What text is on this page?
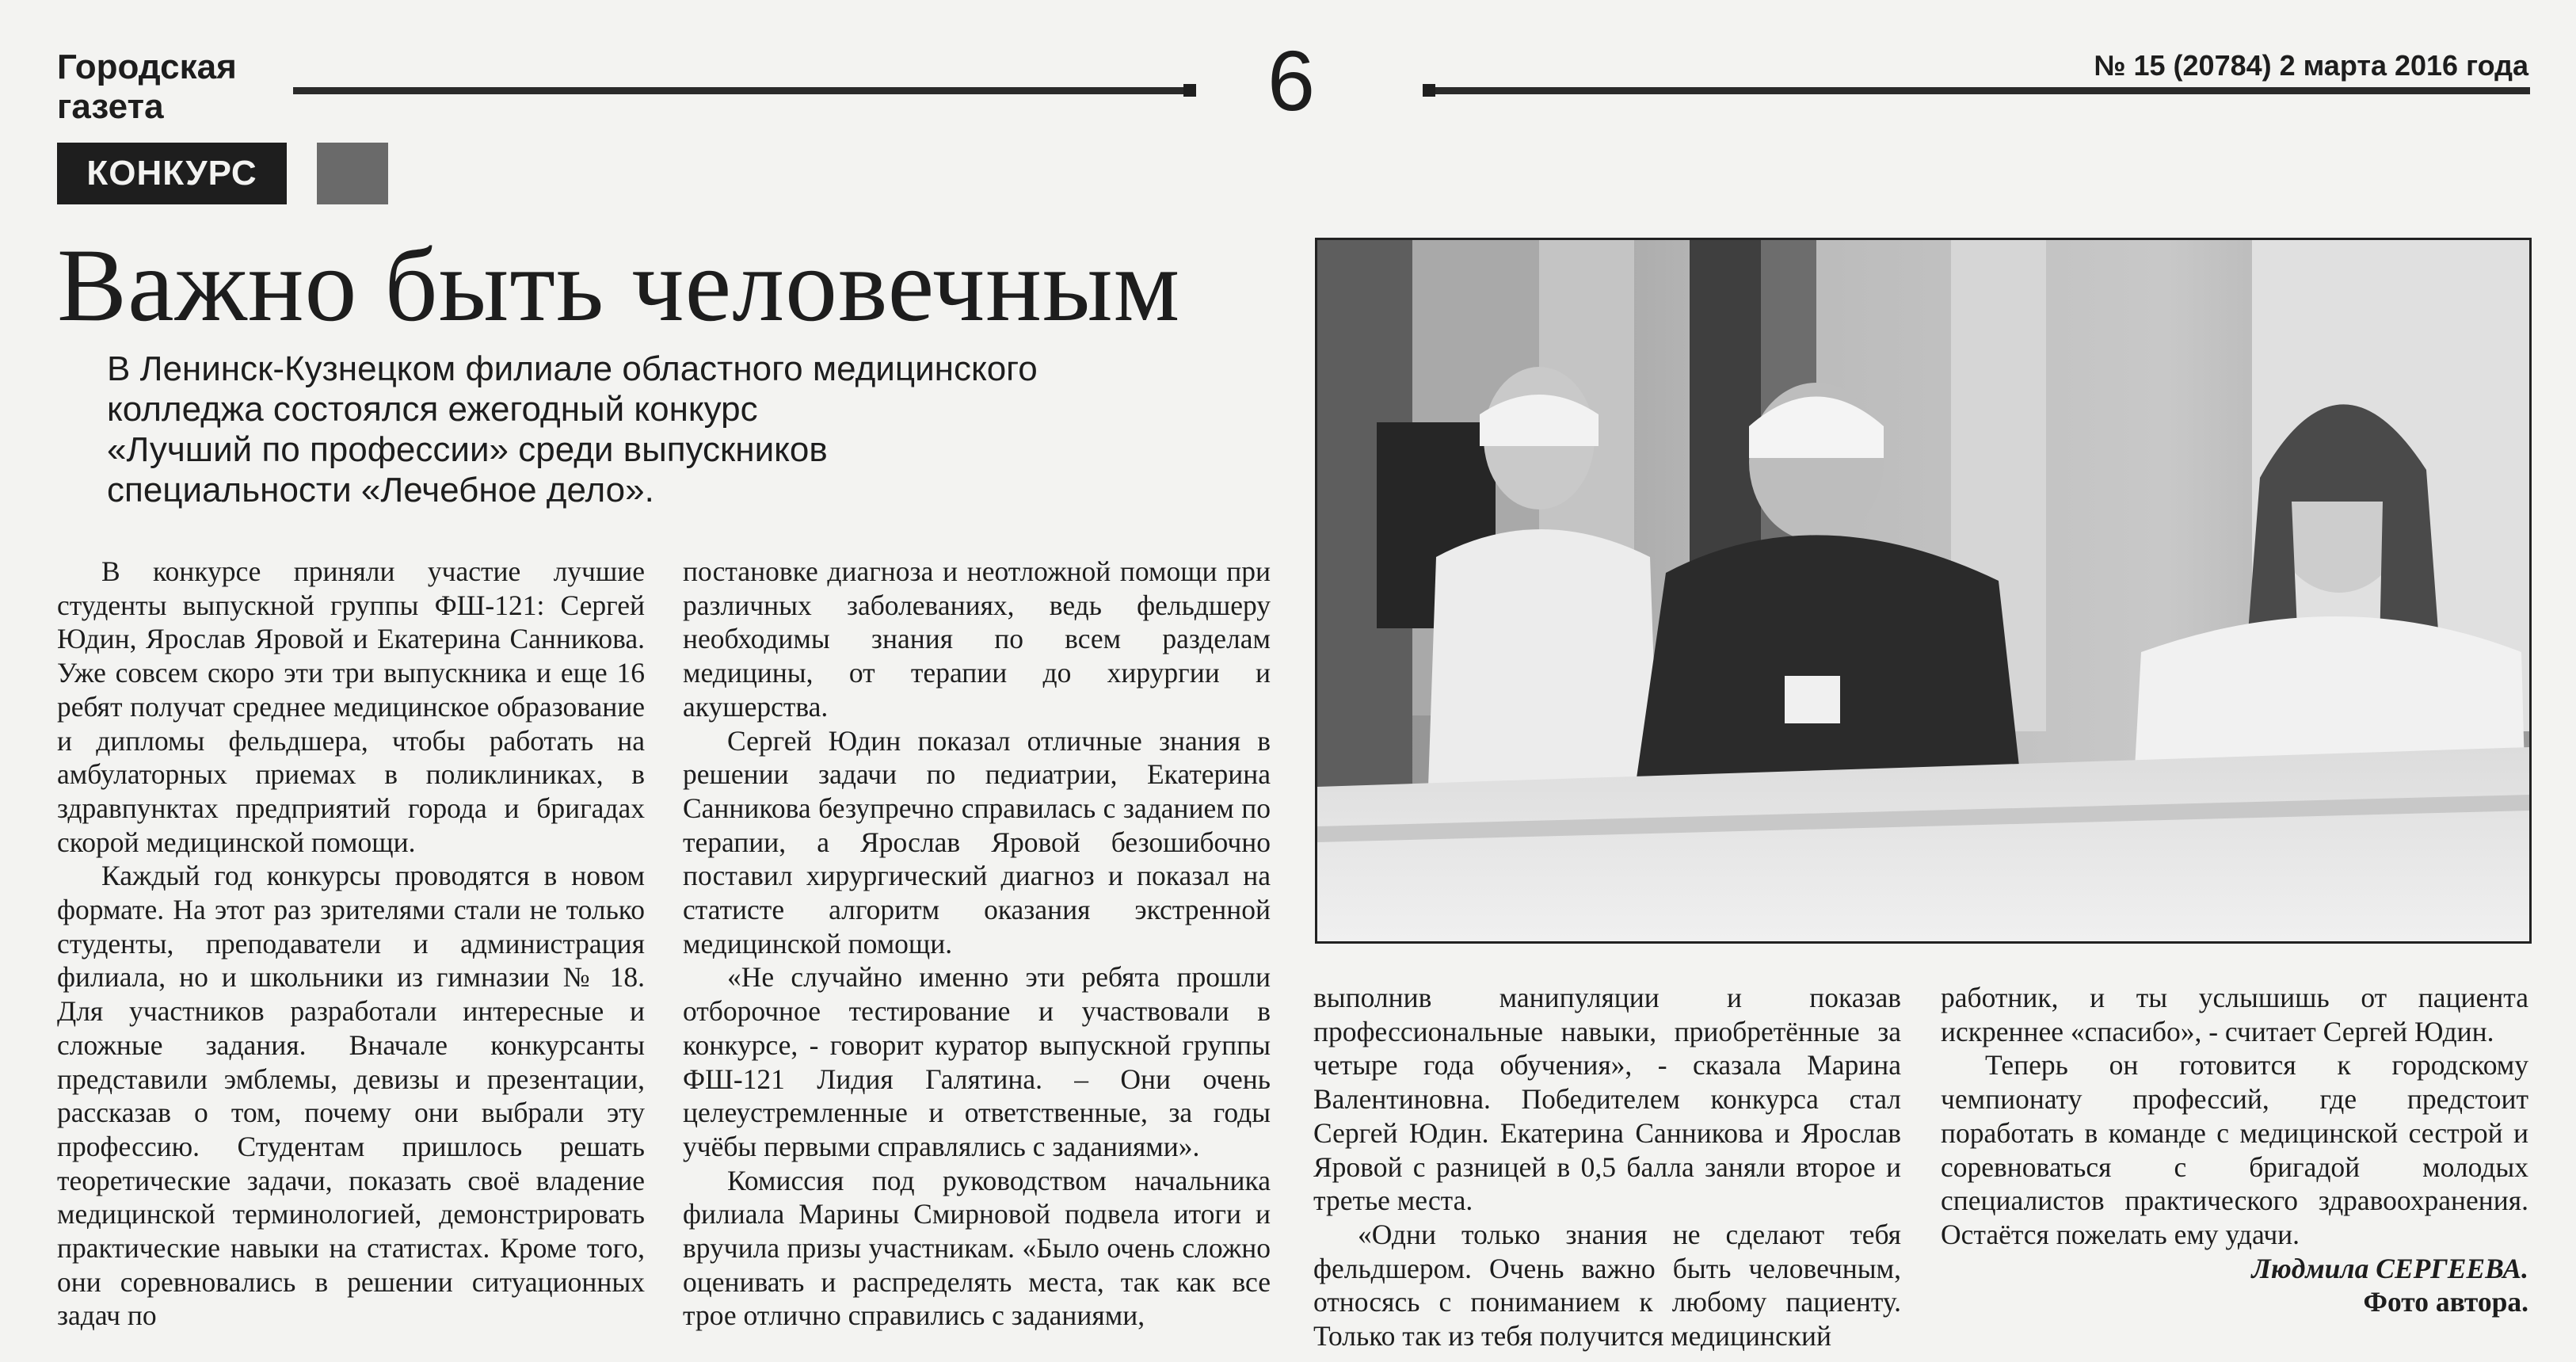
Городская
газета	6	№ 15 (20784) 2 марта 2016 года
КОНКУРС
Важно быть человечным
В Ленинск-Кузнецком филиале областного медицинского
колледжа состоялся ежегодный конкурс
«Лучший по профессии» среди выпускников
специальности «Лечебное дело».

В конкурсе приняли участие лучшие студенты выпускной группы ФШ-121: Сергей Юдин, Ярослав Яровой и Екатерина Санникова. Уже совсем скоро эти три выпускника и еще 16 ребят получат среднее медицинское образование и дипломы фельдшера, чтобы работать на амбулаторных приемах в поликлиниках, в здравпунктах предприятий города и бригадах скорой медицинской помощи.

Каждый год конкурсы проводятся в новом формате. На этот раз зрителями стали не только студенты, преподаватели и администрация филиала, но и школьники из гимназии № 18. Для участников разработали интересные и сложные задания. Вначале конкурсанты представили эмблемы, девизы и презентации, рассказав о том, почему они выбрали эту профессию. Студентам пришлось решать теоретические задачи, показать своё владение медицинской терминологией, демонстрировать практические навыки на статистах. Кроме того, они соревновались в решении ситуационных задач по

постановке диагноза и неотложной помощи при различных заболеваниях, ведь фельдшеру необходимы знания по всем разделам медицины, от терапии до хирургии и акушерства.

Сергей Юдин показал отличные знания в решении задачи по педиатрии, Екатерина Санникова безупречно справилась с заданием по терапии, а Ярослав Яровой безошибочно поставил хирургический диагноз и показал на статисте алгоритм оказания экстренной медицинской помощи.

«Не случайно именно эти ребята прошли отборочное тестирование и участвовали в конкурсе, - говорит куратор выпускной группы ФШ-121 Лидия Галятина. – Они очень целеустремленные и ответственные, за годы учёбы первыми справлялись с заданиями».

Комиссия под руководством начальника филиала Марины Смирновой подвела итоги и вручила призы участникам. «Было очень сложно оценивать и распределять места, так как все трое отлично справились с заданиями,

выполнив манипуляции и показав профессиональные навыки, приобретённые за четыре года обучения», - сказала Марина Валентиновна. Победителем конкурса стал Сергей Юдин. Екатерина Санникова и Ярослав Яровой с разницей в 0,5 балла заняли второе и третье места.

«Одни только знания не сделают тебя фельдшером. Очень важно быть человечным, относясь с пониманием к любому пациенту. Только так из тебя получится медицинский

работник, и ты услышишь от пациента искреннее «спасибо», - считает Сергей Юдин.

Теперь он готовится к городскому чемпионату профессий, где предстоит поработать в команде с медицинской сестрой и соревноваться с бригадой молодых специалистов практического здравоохранения. Остаётся пожелать ему удачи.

Людмила СЕРГЕЕВА.

Фото автора.
